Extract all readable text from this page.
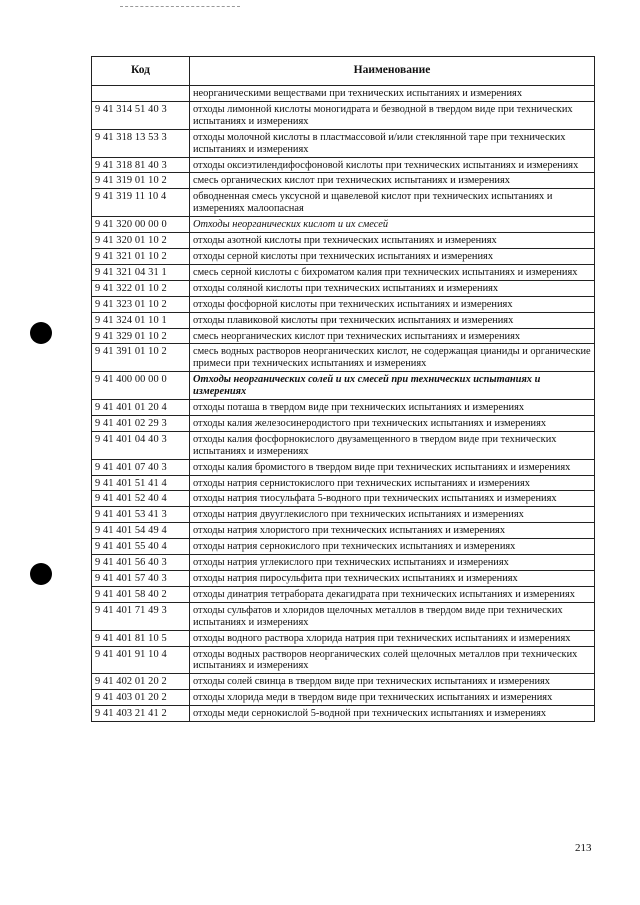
Код	Наименование
	неорганическими веществами при технических испытаниях и измерениях
9 41 314 51 40 3	отходы лимонной кислоты моногидрата и безводной в твердом виде при технических испытаниях и измерениях
9 41 318 13 53 3	отходы молочной кислоты в пластмассовой и/или стеклянной таре при технических испытаниях и измерениях
9 41 318 81 40 3	отходы оксиэтилендифосфоновой кислоты при технических испытаниях и измерениях
9 41 319 01 10 2	смесь органических кислот при технических испытаниях и измерениях
9 41 319 11 10 4	обводненная смесь уксусной и щавелевой кислот при технических испытаниях и измерениях малоопасная
9 41 320 00 00 0	Отходы неорганических кислот и их смесей
9 41 320 01 10 2	отходы азотной кислоты при технических испытаниях и измерениях
9 41 321 01 10 2	отходы серной кислоты при технических испытаниях и измерениях
9 41 321 04 31 1	смесь серной кислоты с бихроматом калия при технических испытаниях и измерениях
9 41 322 01 10 2	отходы соляной кислоты при технических испытаниях и измерениях
9 41 323 01 10 2	отходы фосфорной кислоты при технических испытаниях и измерениях
9 41 324 01 10 1	отходы плавиковой кислоты при технических испытаниях и измерениях
9 41 329 01 10 2	смесь неорганических кислот при технических испытаниях и измерениях
9 41 391 01 10 2	смесь водных растворов неорганических кислот, не содержащая цианиды и органические примеси при технических испытаниях и измерениях
9 41 400 00 00 0	Отходы неорганических солей и их смесей при технических испытаниях и измерениях
9 41 401 01 20 4	отходы поташа в твердом виде при технических испытаниях и измерениях
9 41 401 02 29 3	отходы калия железосинеродистого при технических испытаниях и измерениях
9 41 401 04 40 3	отходы калия фосфорнокислого двузамещенного в твердом виде при технических испытаниях и измерениях
9 41 401 07 40 3	отходы калия бромистого в твердом виде при технических испытаниях и измерениях
9 41 401 51 41 4	отходы натрия сернистокислого при технических испытаниях и измерениях
9 41 401 52 40 4	отходы натрия тиосульфата 5-водного при технических испытаниях и измерениях
9 41 401 53 41 3	отходы натрия двууглекислого при технических испытаниях и измерениях
9 41 401 54 49 4	отходы натрия хлористого при технических испытаниях и измерениях
9 41 401 55 40 4	отходы натрия сернокислого при технических испытаниях и измерениях
9 41 401 56 40 3	отходы натрия углекислого при технических испытаниях и измерениях
9 41 401 57 40 3	отходы натрия пиросульфита при технических испытаниях и измерениях
9 41 401 58 40 2	отходы динатрия тетрабората декагидрата при технических испытаниях и измерениях
9 41 401 71 49 3	отходы сульфатов и хлоридов щелочных металлов в твердом виде при технических испытаниях и измерениях
9 41 401 81 10 5	отходы водного раствора хлорида натрия при технических испытаниях и измерениях
9 41 401 91 10 4	отходы водных растворов неорганических солей щелочных металлов при технических испытаниях и измерениях
9 41 402 01 20 2	отходы солей свинца в твердом виде при технических испытаниях и измерениях
9 41 403 01 20 2	отходы хлорида меди в твердом виде при технических испытаниях и измерениях
9 41 403 21 41 2	отходы меди сернокислой 5-водной при технических испытаниях и измерениях
213
